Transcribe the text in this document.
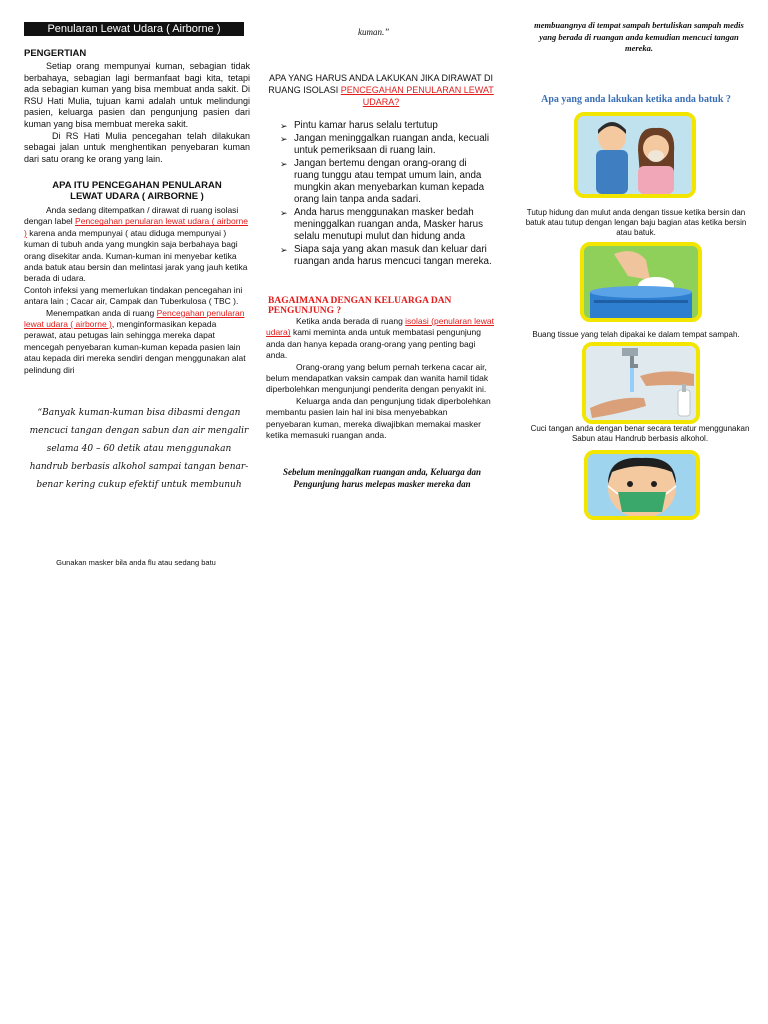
Penularan Lewat Udara ( Airborne )

PENGERTIAN

Setiap orang mempunyai kuman, sebagian tidak berbahaya, sebagian lagi bermanfaat bagi kita, tetapi ada sebagian kuman yang bisa membuat anda sakit. Di RSU Hati Mulia, tujuan kami adalah untuk melindungi pasien, keluarga pasien dan pengunjung pasien dari kuman yang bisa membuat mereka sakit.

Di RS Hati Mulia pencegahan telah dilakukan sebagai jalan untuk menghentikan penyebaran kuman dari satu orang ke orang yang lain.

APA ITU PENCEGAHAN PENULARAN LEWAT UDARA ( AIRBORNE )

Anda sedang ditempatkan / dirawat di ruang isolasi dengan label Pencegahan penularan lewat udara ( airborne ) karena anda mempunyai ( atau diduga mempunyai ) kuman di tubuh anda yang mungkin saja berbahaya bagi orang disekitar anda. Kuman-kuman ini menyebar ketika anda batuk atau bersin dan melintasi jarak yang jauh ketika berada di udara.

Contoh infeksi yang memerlukan tindakan pencegahan ini antara lain ; Cacar air, Campak dan Tuberkulosa ( TBC ).

Menempatkan anda di ruang Pencegahan penularan lewat udara ( airborne ), menginformasikan kepada perawat, atau petugas lain sehingga mereka dapat mencegah penyebaran kuman-kuman kepada pasien lain atau kepada diri mereka sendiri dengan menggunakan alat pelindung diri

“Banyak kuman-kuman bisa dibasmi dengan mencuci tangan dengan sabun dan air mengalir selama 40 – 60 detik atau menggunakan handrub berbasis alkohol sampai tangan benar-benar kering cukup efektif untuk membunuh

Gunakan masker bila anda flu atau sedang batu

kuman.”

APA YANG HARUS ANDA LAKUKAN JIKA DIRAWAT DI RUANG ISOLASI PENCEGAHAN PENULARAN LEWAT UDARA?

➢ Pintu kamar harus selalu tertutup
➢ Jangan meninggalkan ruangan anda, kecuali untuk pemeriksaan di ruang lain.
➢ Jangan bertemu dengan orang-orang di ruang tunggu atau tempat umum lain, anda mungkin akan menyebarkan kuman kepada orang lain tanpa anda sadari.
➢ Anda harus menggunakan masker bedah meninggalkan ruangan anda, Masker harus selalu menutupi mulut dan hidung anda
➢ Siapa saja yang akan masuk dan keluar dari ruangan anda harus mencuci tangan mereka.

BAGAIMANA DENGAN KELUARGA DAN PENGUNJUNG ?

Ketika anda berada di ruang isolasi (penularan lewat udara) kami meminta anda untuk membatasi pengunjung anda dan hanya kepada orang-orang yang penting bagi anda.

Orang-orang yang belum pernah terkena cacar air, belum mendapatkan vaksin campak dan wanita hamil tidak diperbolehkan mengunjungi penderita dengan penyakit ini.

Keluarga anda dan pengunjung tidak diperbolehkan membantu pasien lain hal ini bisa menyebabkan penyebaran kuman, mereka diwajibkan memakai masker ketika memasuki ruangan anda.

Sebelum meninggalkan ruangan anda, Keluarga dan Pengunjung harus melepas masker mereka dan

membuangnya di tempat sampah bertuliskan sampah medis yang berada di ruangan anda kemudian mencuci tangan mereka.

Apa yang anda lakukan ketika anda batuk ?

Tutup hidung dan mulut anda dengan tissue ketika bersin dan batuk atau tutup dengan lengan baju bagian atas ketika bersin atau batuk.

Buang tissue yang telah dipakai ke dalam tempat sampah.

Cuci tangan anda dengan benar secara teratur menggunakan Sabun atau Handrub berbasis alkohol.
